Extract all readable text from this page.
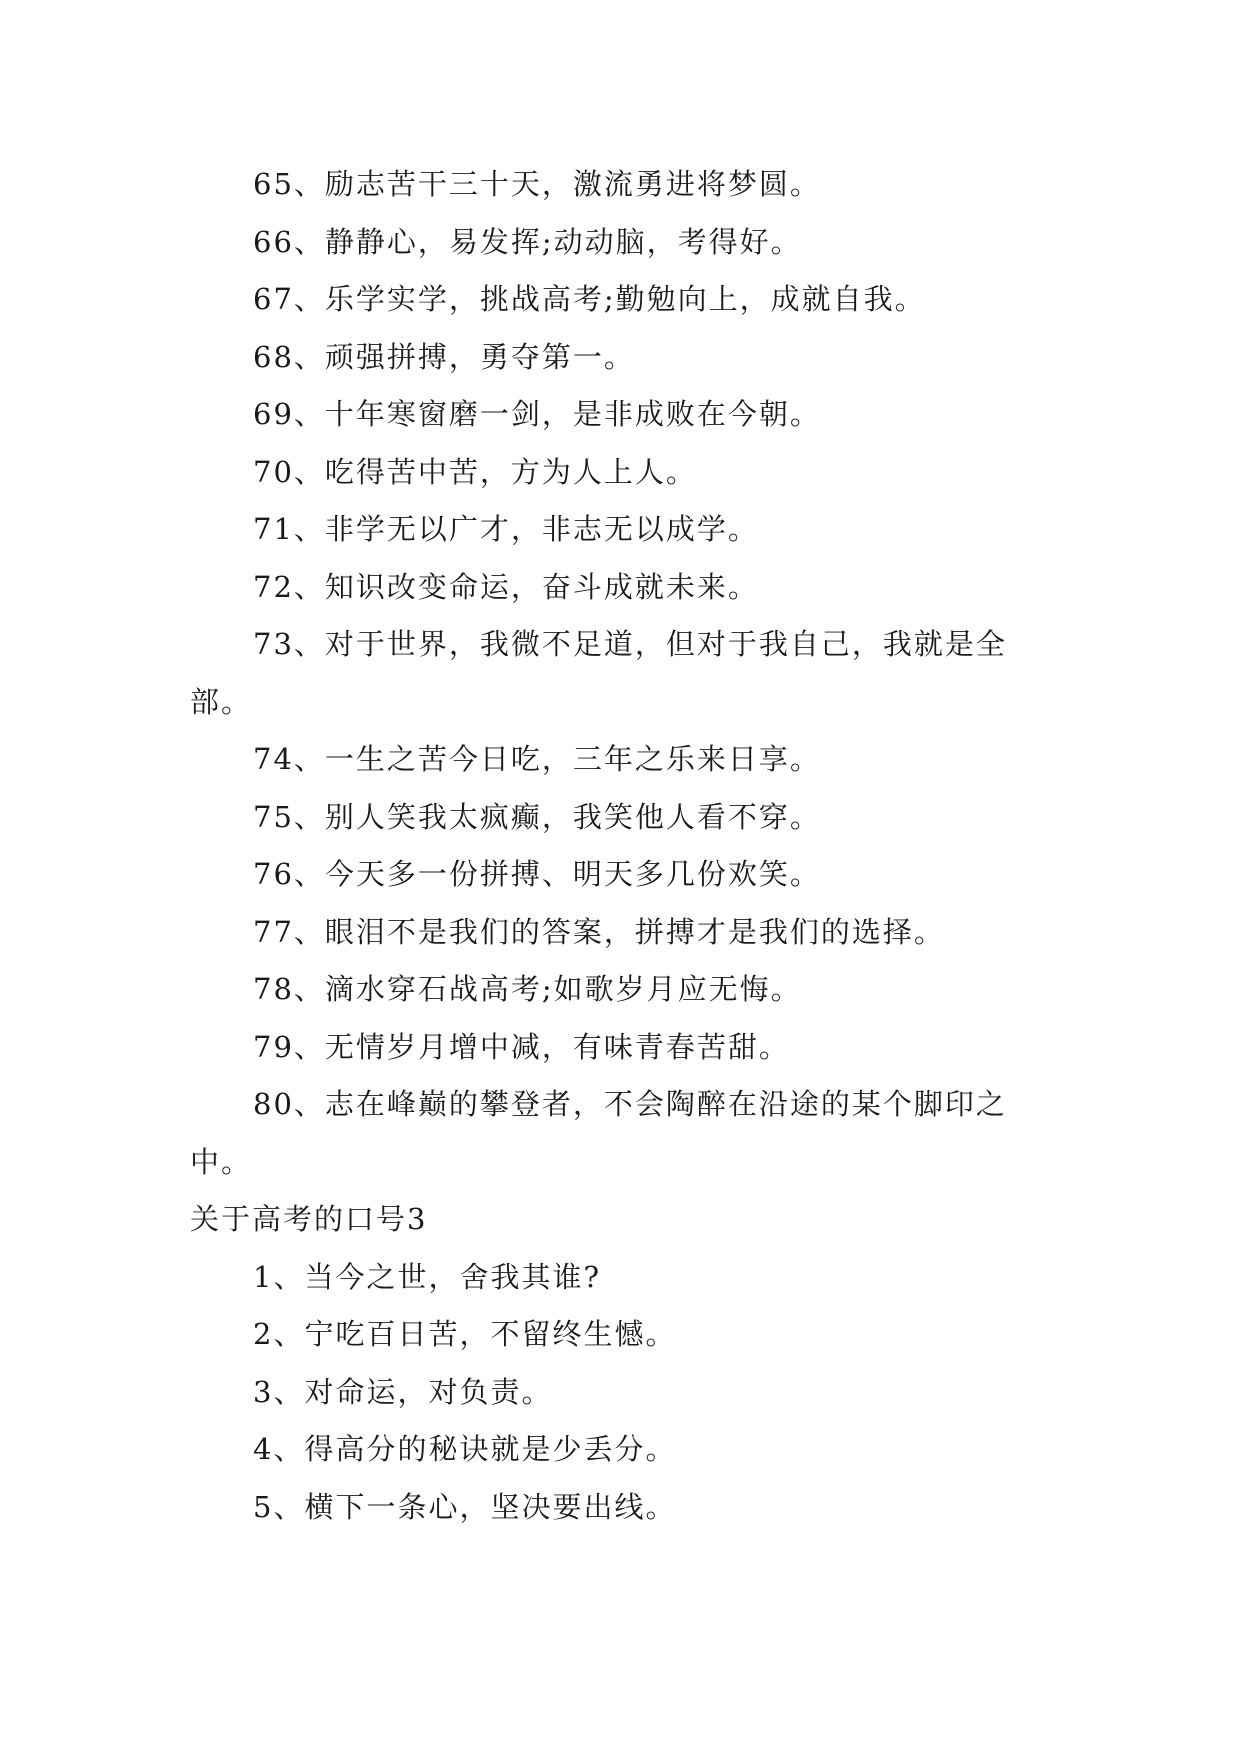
65、励志苦干三十天，激流勇进将梦圆。

66、静静心，易发挥;动动脑，考得好。

67、乐学实学，挑战高考;勤勉向上，成就自我。

68、顽强拼搏，勇夺第一。

69、十年寒窗磨一剑，是非成败在今朝。

70、吃得苦中苦，方为人上人。

71、非学无以广才，非志无以成学。

72、知识改变命运，奋斗成就未来。

73、对于世界，我微不足道，但对于我自己，我就是全部。

74、一生之苦今日吃，三年之乐来日享。

75、别人笑我太疯癫，我笑他人看不穿。

76、今天多一份拼搏、明天多几份欢笑。

77、眼泪不是我们的答案，拼搏才是我们的选择。

78、滴水穿石战高考;如歌岁月应无悔。

79、无情岁月增中减，有味青春苦甜。

80、志在峰巅的攀登者，不会陶醉在沿途的某个脚印之中。

关于高考的口号3

1、当今之世，舍我其谁?

2、宁吃百日苦，不留终生憾。

3、对命运，对负责。

4、得高分的秘诀就是少丢分。

5、横下一条心，坚决要出线。
